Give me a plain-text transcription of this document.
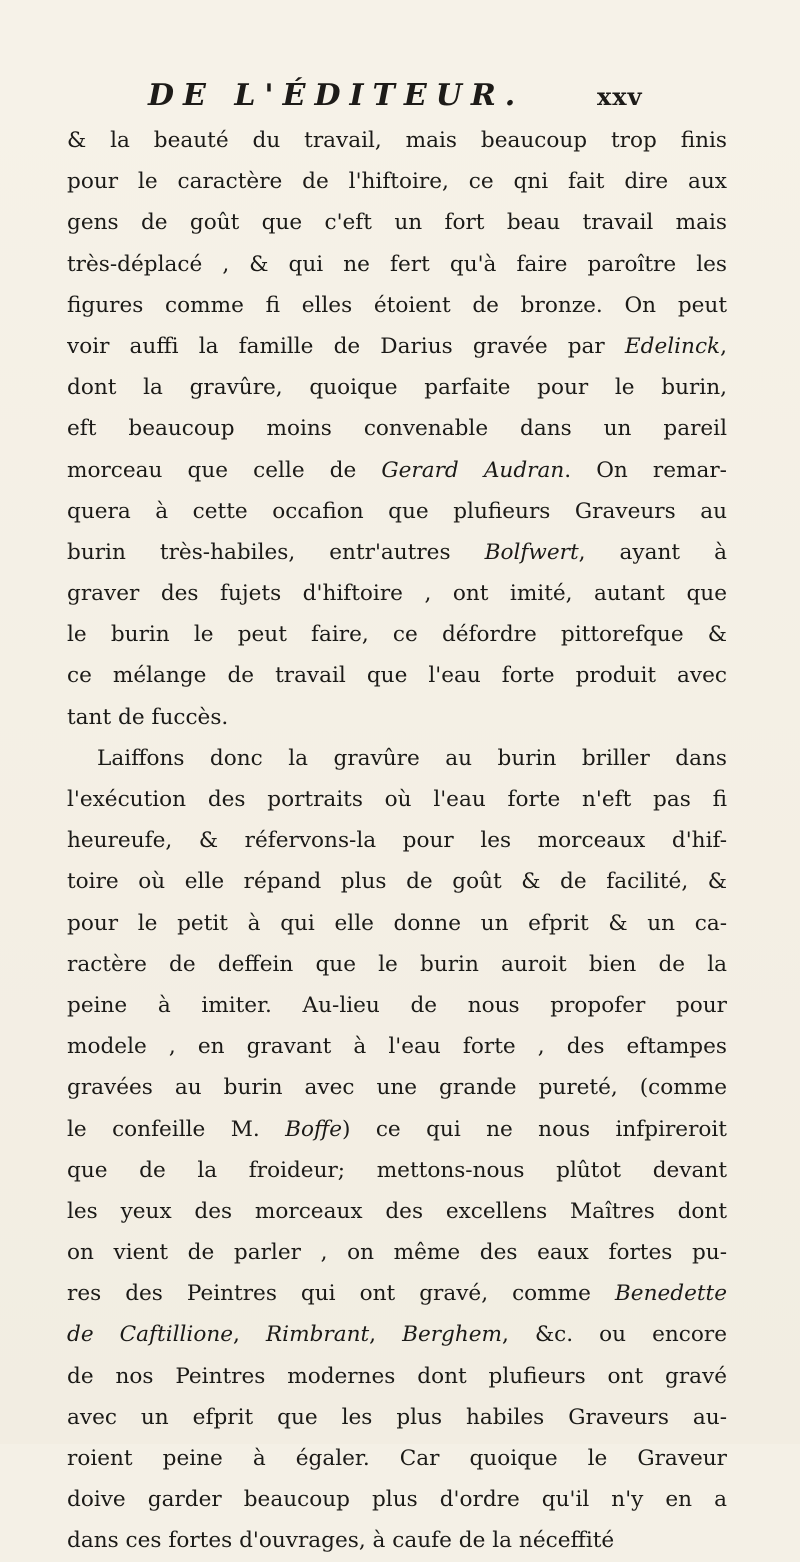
DE L'ÉDITEUR.	xxv
& la beauté du travail, mais beaucoup trop finis
pour le caractère de l'hiftoire, ce qni fait dire aux
gens de goût que c'eft un fort beau travail mais
très-déplacé , & qui ne fert qu'à faire paroître les
figures comme fi elles étoient de bronze. On peut
voir auffi la famille de Darius gravée par Edelinck,
dont la gravûre, quoique parfaite pour le burin,
eft beaucoup moins convenable dans un pareil
morceau que celle de Gerard Audran. On remar-
quera à cette occafion que plufieurs Graveurs au
burin très-habiles, entr'autres Bolfwert, ayant à
graver des fujets d'hiftoire , ont imité, autant que
le burin le peut faire, ce défordre pittorefque &
ce mélange de travail que l'eau forte produit avec
tant de fuccès.
Laiffons donc la gravûre au burin briller dans
l'exécution des portraits où l'eau forte n'eft pas fi
heureufe, & réfervons-la pour les morceaux d'hif-
toire où elle répand plus de goût & de facilité, &
pour le petit à qui elle donne un efprit & un ca-
ractère de deffein que le burin auroit bien de la
peine à imiter. Au-lieu de nous propofer pour
modele , en gravant à l'eau forte , des eftampes
gravées au burin avec une grande pureté, (comme
le confeille M. Boffe) ce qui ne nous infpireroit
que de la froideur; mettons-nous plûtot devant
les yeux des morceaux des excellens Maîtres dont
on vient de parler , on même des eaux fortes pu-
res des Peintres qui ont gravé, comme Benedette
de Caftillione, Rimbrant, Berghem, &c. ou encore
de nos Peintres modernes dont plufieurs ont gravé
avec un efprit que les plus habiles Graveurs au-
roient peine à égaler. Car quoique le Graveur
doive garder beaucoup plus d'ordre qu'il n'y en a
dans ces fortes d'ouvrages, à caufe de la néceffité
